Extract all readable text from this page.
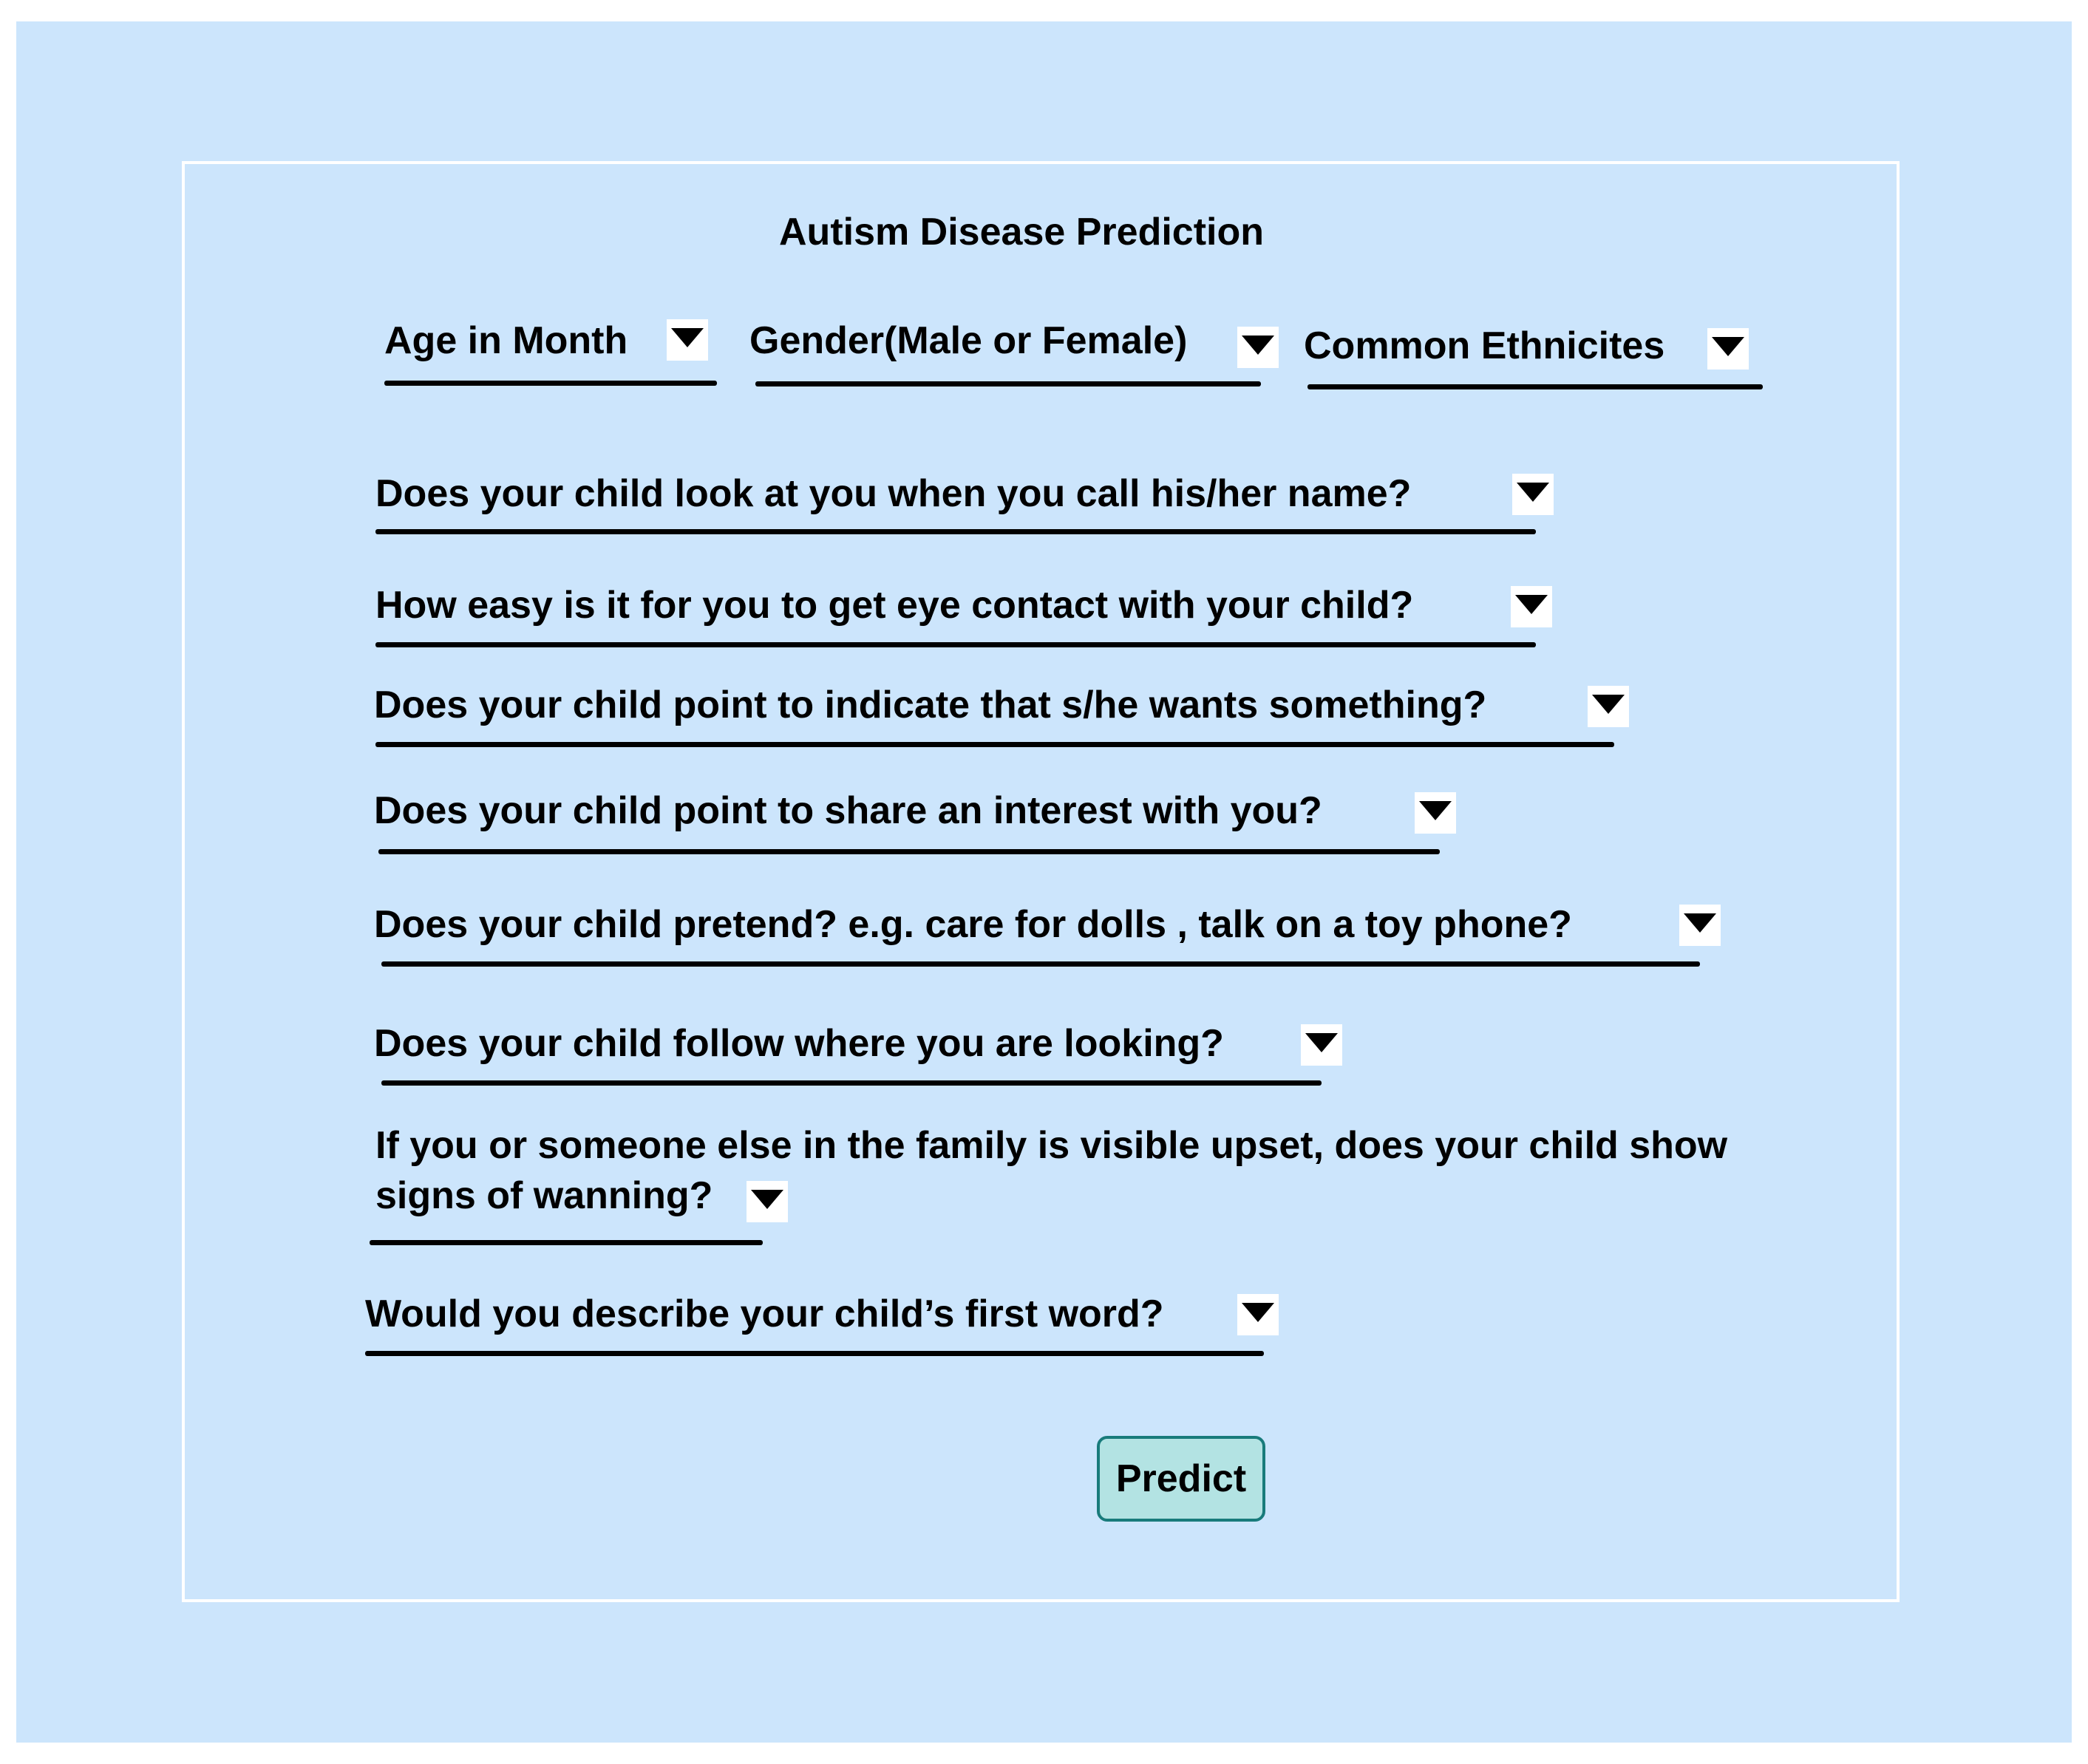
Autism Disease Prediction
Age in Month	Gender(Male or Female)	Common Ethnicites
Does your child look at you when you call his/her name?
How easy is it for you to get eye contact with your child?
Does your child point to indicate that s/he wants something?
Does your child point to share an interest with you?
Does your child pretend? e.g. care for dolls , talk on a toy phone?
Does your child follow where you are looking?
If you or someone else in the family is visible upset, does your child show
signs of wanning?
Would you describe your child’s first word?
Predict
